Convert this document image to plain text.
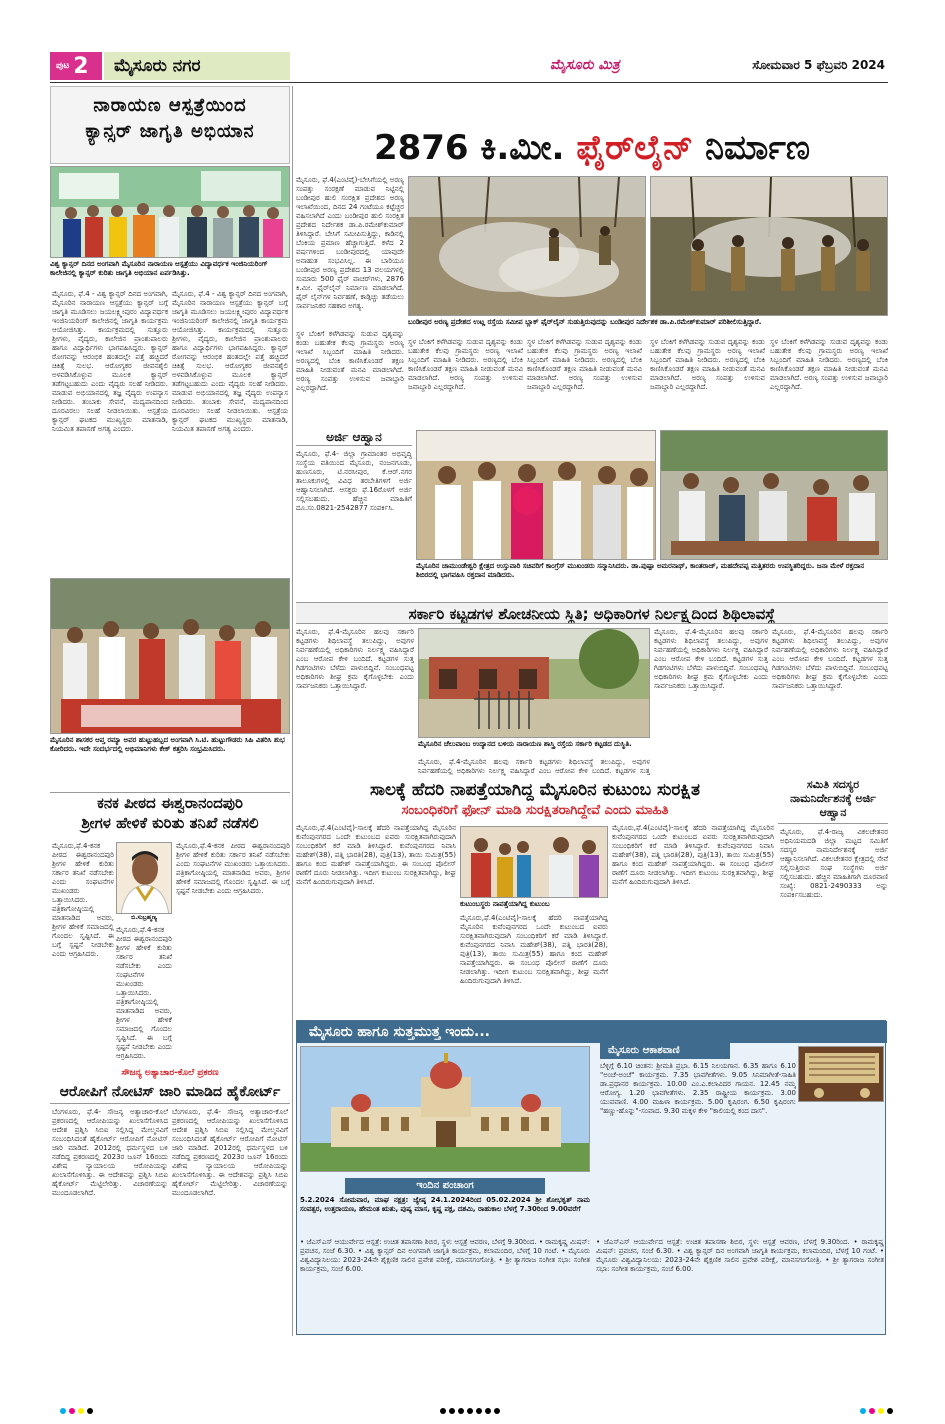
ಪುಟ 2	ಮೈಸೂರು ನಗರ	ಮೈಸೂರು ಮಿತ್ರ	ಸೋಮವಾರ 5 ಫೆಬ್ರವರಿ 2024
ನಾರಾಯಣ ಆಸ್ಪತ್ರೆಯಿಂದ
ಕ್ಯಾನ್ಸರ್ ಜಾಗೃತಿ ಅಭಿಯಾನ
ವಿಶ್ವ ಕ್ಯಾನ್ಸರ್ ದಿನದ ಅಂಗವಾಗಿ ಮೈಸೂರಿನ ನಾರಾಯಣ ಆಸ್ಪತ್ರೆಯು ವಿದ್ಯಾವರ್ಧಕ ಇಂಜಿನಿಯರಿಂಗ್ ಕಾಲೇಜಿನಲ್ಲಿ ಕ್ಯಾನ್ಸರ್ ಕುರಿತು ಜಾಗೃತಿ ಅಭಿಯಾನ ಏರ್ಪಡಿಸಿತ್ತು.
ಮೈಸೂರು, ಫೆ.4 - ವಿಶ್ವ ಕ್ಯಾನ್ಸರ್ ದಿನದ ಅಂಗವಾಗಿ, ಮೈಸೂರಿನ ನಾರಾಯಣ ಆಸ್ಪತ್ರೆಯು ಕ್ಯಾನ್ಸರ್ ಬಗ್ಗೆ ಜಾಗೃತಿ ಮೂಡಿಸಲು ಜಯಲಕ್ಷ್ಮೀಪುರಂ ವಿದ್ಯಾವರ್ಧಕ ಇಂಜಿನಿಯರಿಂಗ್ ಕಾಲೇಜಿನಲ್ಲಿ ಜಾಗೃತಿ ಕಾರ್ಯಕ್ರಮ ಆಯೋಜಿಸಿತ್ತು. ಕಾರ್ಯಕ್ರಮದಲ್ಲಿ ಸುತ್ತೂರು ಶ್ರೀಗಳು, ವೈದ್ಯರು, ಕಾಲೇಜಿನ ಪ್ರಾಂಶುಪಾಲರು ಹಾಗೂ ವಿದ್ಯಾರ್ಥಿಗಳು ಭಾಗವಹಿಸಿದ್ದರು. ಕ್ಯಾನ್ಸರ್ ರೋಗವನ್ನು ಆರಂಭಿಕ ಹಂತದಲ್ಲೇ ಪತ್ತೆ ಹಚ್ಚಿದರೆ ಚಿಕಿತ್ಸೆ ಸುಲಭ. ಆರೋಗ್ಯಕರ ಜೀವನಶೈಲಿ ಅಳವಡಿಸಿಕೊಳ್ಳುವ ಮೂಲಕ ಕ್ಯಾನ್ಸರ್ ತಡೆಗಟ್ಟಬಹುದು ಎಂದು ವೈದ್ಯರು ಸಲಹೆ ನೀಡಿದರು. ಮಾಡುವ ಅಭಿಯಾನದಲ್ಲಿ ತಜ್ಞ ವೈದ್ಯರು ಉಪನ್ಯಾಸ ನೀಡಿದರು. ತಂಬಾಕು ಸೇವನೆ, ಮದ್ಯಪಾನದಿಂದ ದೂರವಿರಲು ಸಲಹೆ ನೀಡಲಾಯಿತು. ಆಸ್ಪತ್ರೆಯ ಕ್ಯಾನ್ಸರ್ ಘಟಕದ ಮುಖ್ಯಸ್ಥರು ಮಾತನಾಡಿ, ನಿಯಮಿತ ತಪಾಸಣೆ ಅಗತ್ಯ ಎಂದರು.
ಮೈಸೂರು, ಫೆ.4 - ವಿಶ್ವ ಕ್ಯಾನ್ಸರ್ ದಿನದ ಅಂಗವಾಗಿ, ಮೈಸೂರಿನ ನಾರಾಯಣ ಆಸ್ಪತ್ರೆಯು ಕ್ಯಾನ್ಸರ್ ಬಗ್ಗೆ ಜಾಗೃತಿ ಮೂಡಿಸಲು ಜಯಲಕ್ಷ್ಮೀಪುರಂ ವಿದ್ಯಾವರ್ಧಕ ಇಂಜಿನಿಯರಿಂಗ್ ಕಾಲೇಜಿನಲ್ಲಿ ಜಾಗೃತಿ ಕಾರ್ಯಕ್ರಮ ಆಯೋಜಿಸಿತ್ತು. ಕಾರ್ಯಕ್ರಮದಲ್ಲಿ ಸುತ್ತೂರು ಶ್ರೀಗಳು, ವೈದ್ಯರು, ಕಾಲೇಜಿನ ಪ್ರಾಂಶುಪಾಲರು ಹಾಗೂ ವಿದ್ಯಾರ್ಥಿಗಳು ಭಾಗವಹಿಸಿದ್ದರು. ಕ್ಯಾನ್ಸರ್ ರೋಗವನ್ನು ಆರಂಭಿಕ ಹಂತದಲ್ಲೇ ಪತ್ತೆ ಹಚ್ಚಿದರೆ ಚಿಕಿತ್ಸೆ ಸುಲಭ. ಆರೋಗ್ಯಕರ ಜೀವನಶೈಲಿ ಅಳವಡಿಸಿಕೊಳ್ಳುವ ಮೂಲಕ ಕ್ಯಾನ್ಸರ್ ತಡೆಗಟ್ಟಬಹುದು ಎಂದು ವೈದ್ಯರು ಸಲಹೆ ನೀಡಿದರು. ಮಾಡುವ ಅಭಿಯಾನದಲ್ಲಿ ತಜ್ಞ ವೈದ್ಯರು ಉಪನ್ಯಾಸ ನೀಡಿದರು. ತಂಬಾಕು ಸೇವನೆ, ಮದ್ಯಪಾನದಿಂದ ದೂರವಿರಲು ಸಲಹೆ ನೀಡಲಾಯಿತು. ಆಸ್ಪತ್ರೆಯ ಕ್ಯಾನ್ಸರ್ ಘಟಕದ ಮುಖ್ಯಸ್ಥರು ಮಾತನಾಡಿ, ನಿಯಮಿತ ತಪಾಸಣೆ ಅಗತ್ಯ ಎಂದರು.
2876 ಕಿ.ಮೀ. ಫೈರ್‌ಲೈನ್ ನಿರ್ಮಾಣ
ಮೈಸೂರು, ಫೆ.4(ಎಂಟಿವೈ)-ಬೇಸಿಗೆಯಲ್ಲಿ ಅರಣ್ಯ ಸಂಪತ್ತು ಸಂರಕ್ಷಣೆ ಮಾಡುವ ನಿಟ್ಟಿನಲ್ಲಿ ಬಂಡೀಪುರ ಹುಲಿ ಸಂರಕ್ಷಿತ ಪ್ರದೇಶದ ಅರಣ್ಯ ಇಲಾಖೆಯಿಂದ, ದಿನದ 24 ಗಂಟೆಯೂ ಕಟ್ಟೆಚ್ಚರ ವಹಿಸಲಾಗಿದೆ ಎಂದು ಬಂಡೀಪುರ ಹುಲಿ ಸಂರಕ್ಷಿತ ಪ್ರದೇಶದ ನಿರ್ದೇಶಕ ಡಾ.ಪಿ.ರಮೇಶ್‌ಕುಮಾರ್ ತಿಳಿಸಿದ್ದಾರೆ. ಬೇಸಿಗೆ ಸಮೀಪಿಸುತ್ತಿದ್ದು, ಕಾಡಿನಲ್ಲಿ ಬೆಂಕಿಯ ಪ್ರಮಾಣ ಹೆಚ್ಚಾಗುತ್ತಿದೆ. ಕಳೆದ 2 ವರ್ಷಗಳಿಂದ ಬಂಡೀಪುರದಲ್ಲಿ ಯಾವುದೇ ಅನಾಹುತ ಸಂಭವಿಸಿಲ್ಲ. ಈ ಬಾರಿಯೂ ಬಂಡೀಪುರ ಅರಣ್ಯ ಪ್ರದೇಶದ 13 ವಲಯಗಳಲ್ಲಿ ಸುಮಾರು 500 ಫೈರ್ ವಾಚರ್‌ಗಳು, 2876 ಕಿ.ಮೀ. ಫೈರ್‌ಲೈನ್ ನಿರ್ಮಾಣ ಮಾಡಲಾಗಿದೆ. ಫೈರ್ ಲೈನ್‌ಗಳ ನಿರ್ವಹಣೆ, ಕಾಡ್ಗಿಚ್ಚು ತಡೆಯಲು ಸಾರ್ವಜನಿಕರ ಸಹಕಾರ ಅಗತ್ಯ.
ಬಂಡೀಪುರ ಅರಣ್ಯ ಪ್ರದೇಶದ ಉಟ್ಲ ರಸ್ತೆಯ ಸಮೀಪ ಬ್ಲಾಕ್ ಫೈರ್‌ಲೈನ್ ಸುಡುತ್ತಿರುವುದನ್ನು ಬಂಡೀಪುರ ನಿರ್ದೇಶಕ ಡಾ.ಪಿ.ರಮೇಶ್‌ಕುಮಾರ್ ಪರಿಶೀಲಿಸುತ್ತಿದ್ದಾರೆ.
ಸ್ಥಳ ಬೆಂಕಿಗೆ ಕಳೆಗಿಡವನ್ನು ಸುಡುವ ದೃಶ್ಯವನ್ನು ಕಂಡು ಬಹುತೇಕ ಕೆಲವು ಗ್ರಾಮಸ್ಥರು ಅರಣ್ಯ ಇಲಾಖೆ ಸಿಬ್ಬಂದಿಗೆ ಮಾಹಿತಿ ನೀಡಿದರು. ಅರಣ್ಯದಲ್ಲಿ ಬೆಂಕಿ ಕಾಣಿಸಿಕೊಂಡರೆ ತಕ್ಷಣ ಮಾಹಿತಿ ನೀಡುವಂತೆ ಮನವಿ ಮಾಡಲಾಗಿದೆ. ಅರಣ್ಯ ಸಂಪತ್ತು ಉಳಿಸುವ ಜವಾಬ್ದಾರಿ ಎಲ್ಲರದ್ದಾಗಿದೆ.
ಸ್ಥಳ ಬೆಂಕಿಗೆ ಕಳೆಗಿಡವನ್ನು ಸುಡುವ ದೃಶ್ಯವನ್ನು ಕಂಡು ಬಹುತೇಕ ಕೆಲವು ಗ್ರಾಮಸ್ಥರು ಅರಣ್ಯ ಇಲಾಖೆ ಸಿಬ್ಬಂದಿಗೆ ಮಾಹಿತಿ ನೀಡಿದರು. ಅರಣ್ಯದಲ್ಲಿ ಬೆಂಕಿ ಕಾಣಿಸಿಕೊಂಡರೆ ತಕ್ಷಣ ಮಾಹಿತಿ ನೀಡುವಂತೆ ಮನವಿ ಮಾಡಲಾಗಿದೆ. ಅರಣ್ಯ ಸಂಪತ್ತು ಉಳಿಸುವ ಜವಾಬ್ದಾರಿ ಎಲ್ಲರದ್ದಾಗಿದೆ.
ಸ್ಥಳ ಬೆಂಕಿಗೆ ಕಳೆಗಿಡವನ್ನು ಸುಡುವ ದೃಶ್ಯವನ್ನು ಕಂಡು ಬಹುತೇಕ ಕೆಲವು ಗ್ರಾಮಸ್ಥರು ಅರಣ್ಯ ಇಲಾಖೆ ಸಿಬ್ಬಂದಿಗೆ ಮಾಹಿತಿ ನೀಡಿದರು. ಅರಣ್ಯದಲ್ಲಿ ಬೆಂಕಿ ಕಾಣಿಸಿಕೊಂಡರೆ ತಕ್ಷಣ ಮಾಹಿತಿ ನೀಡುವಂತೆ ಮನವಿ ಮಾಡಲಾಗಿದೆ. ಅರಣ್ಯ ಸಂಪತ್ತು ಉಳಿಸುವ ಜವಾಬ್ದಾರಿ ಎಲ್ಲರದ್ದಾಗಿದೆ.
ಸ್ಥಳ ಬೆಂಕಿಗೆ ಕಳೆಗಿಡವನ್ನು ಸುಡುವ ದೃಶ್ಯವನ್ನು ಕಂಡು ಬಹುತೇಕ ಕೆಲವು ಗ್ರಾಮಸ್ಥರು ಅರಣ್ಯ ಇಲಾಖೆ ಸಿಬ್ಬಂದಿಗೆ ಮಾಹಿತಿ ನೀಡಿದರು. ಅರಣ್ಯದಲ್ಲಿ ಬೆಂಕಿ ಕಾಣಿಸಿಕೊಂಡರೆ ತಕ್ಷಣ ಮಾಹಿತಿ ನೀಡುವಂತೆ ಮನವಿ ಮಾಡಲಾಗಿದೆ. ಅರಣ್ಯ ಸಂಪತ್ತು ಉಳಿಸುವ ಜವಾಬ್ದಾರಿ ಎಲ್ಲರದ್ದಾಗಿದೆ.
ಸ್ಥಳ ಬೆಂಕಿಗೆ ಕಳೆಗಿಡವನ್ನು ಸುಡುವ ದೃಶ್ಯವನ್ನು ಕಂಡು ಬಹುತೇಕ ಕೆಲವು ಗ್ರಾಮಸ್ಥರು ಅರಣ್ಯ ಇಲಾಖೆ ಸಿಬ್ಬಂದಿಗೆ ಮಾಹಿತಿ ನೀಡಿದರು. ಅರಣ್ಯದಲ್ಲಿ ಬೆಂಕಿ ಕಾಣಿಸಿಕೊಂಡರೆ ತಕ್ಷಣ ಮಾಹಿತಿ ನೀಡುವಂತೆ ಮನವಿ ಮಾಡಲಾಗಿದೆ. ಅರಣ್ಯ ಸಂಪತ್ತು ಉಳಿಸುವ ಜವಾಬ್ದಾರಿ ಎಲ್ಲರದ್ದಾಗಿದೆ.
ಅರ್ಜಿ ಆಹ್ವಾನ
ಮೈಸೂರು, ಫೆ.4- ಜಿಲ್ಲಾ ಗ್ರಾಮಾಂತರ ಅಭಿವೃದ್ಧಿ ಸಂಸ್ಥೆಯ ವತಿಯಿಂದ ಮೈಸೂರು, ನಂಜನಗೂಡು, ಹುಣಸೂರು, ಟಿ.ನರಸೀಪುರ, ಕೆ.ಆರ್.ನಗರ ತಾಲೂಕುಗಳಲ್ಲಿ ವಿವಿಧ ತರಬೇತಿಗಳಿಗೆ ಅರ್ಜಿ ಆಹ್ವಾನಿಸಲಾಗಿದೆ. ಆಸಕ್ತರು ಫೆ.16ರೊಳಗೆ ಅರ್ಜಿ ಸಲ್ಲಿಸಬಹುದು. ಹೆಚ್ಚಿನ ಮಾಹಿತಿಗೆ ದೂ.ಸಂ.0821-2542877 ಸಂಪರ್ಕಿಸಿ.
ಮೈಸೂರಿನ ಚಾಮುಂಡೇಶ್ವರಿ ಕ್ಷೇತ್ರದ ಉಸ್ತುವಾರಿ ಸಚಿವರಿಗೆ ಕಾಂಗ್ರೆಸ್ ಮುಖಂಡರು ಸನ್ಮಾನಿಸಿದರು. ಡಾ.ಪುಷ್ಪಾ ಅಮರನಾಥ್, ಕಾಂತರಾಜ್, ಮಹದೇವಪ್ಪ ಮತ್ತಿತರರು ಉಪಸ್ಥಿತರಿದ್ದರು. ಜನಾ ಮೇಳೆ ರಕ್ತದಾನ ಶಿಬಿರದಲ್ಲಿ ಭಾಗವಹಿಸಿ ರಕ್ತದಾನ ಮಾಡಿದರು.
ಮೈಸೂರಿನ ಶಾಸಕರ ಆಪ್ತ ರಮ್ಯಾ ಅವರ ಹುಟ್ಟುಹಬ್ಬದ ಅಂಗವಾಗಿ ಸಿ.ಟಿ. ಹುಟ್ಟುಗೌಡರು ಸಿಹಿ ವಿತರಿಸಿ ಶುಭ ಕೋರಿದರು. ಇದೇ ಸಂದರ್ಭದಲ್ಲಿ ಅಭಿಮಾನಿಗಳು ಕೇಕ್ ಕತ್ತರಿಸಿ ಸಂಭ್ರಮಿಸಿದರು.
ಸರ್ಕಾರಿ ಕಟ್ಟಡಗಳ ಶೋಚನೀಯ ಸ್ಥಿತಿ; ಅಧಿಕಾರಿಗಳ ನಿರ್ಲಕ್ಷ್ಯದಿಂದ ಶಿಥಿಲಾವಸ್ಥೆ
ಮೈಸೂರು, ಫೆ.4-ಮೈಸೂರಿನ ಹಲವು ಸರ್ಕಾರಿ ಕಟ್ಟಡಗಳು ಶಿಥಿಲಾವಸ್ಥೆ ತಲುಪಿದ್ದು, ಅವುಗಳ ನಿರ್ವಹಣೆಯಲ್ಲಿ ಅಧಿಕಾರಿಗಳು ನಿರ್ಲಕ್ಷ್ಯ ವಹಿಸಿದ್ದಾರೆ ಎಂಬ ಆರೋಪ ಕೇಳಿ ಬಂದಿದೆ. ಕಟ್ಟಡಗಳ ಸುತ್ತ ಗಿಡಗಂಟಿಗಳು ಬೆಳೆದು ಪಾಳುಬಿದ್ದಿವೆ. ಸಂಬಂಧಪಟ್ಟ ಅಧಿಕಾರಿಗಳು ಶೀಘ್ರ ಕ್ರಮ ಕೈಗೊಳ್ಳಬೇಕು ಎಂದು ಸಾರ್ವಜನಿಕರು ಒತ್ತಾಯಿಸಿದ್ದಾರೆ.
ಮೈಸೂರಿನ ಚೆಲುವಾಂಬ ಉದ್ಯಾನದ ಬಳಿಯ ನಾರಾಯಣ ಶಾಸ್ತ್ರಿ ರಸ್ತೆಯ ಸರ್ಕಾರಿ ಕಟ್ಟಡದ ದುಸ್ಥಿತಿ.
ಮೈಸೂರು, ಫೆ.4-ಮೈಸೂರಿನ ಹಲವು ಸರ್ಕಾರಿ ಕಟ್ಟಡಗಳು ಶಿಥಿಲಾವಸ್ಥೆ ತಲುಪಿದ್ದು, ಅವುಗಳ ನಿರ್ವಹಣೆಯಲ್ಲಿ ಅಧಿಕಾರಿಗಳು ನಿರ್ಲಕ್ಷ್ಯ ವಹಿಸಿದ್ದಾರೆ ಎಂಬ ಆರೋಪ ಕೇಳಿ ಬಂದಿದೆ. ಕಟ್ಟಡಗಳ ಸುತ್ತ
ಮೈಸೂರು, ಫೆ.4-ಮೈಸೂರಿನ ಹಲವು ಸರ್ಕಾರಿ ಕಟ್ಟಡಗಳು ಶಿಥಿಲಾವಸ್ಥೆ ತಲುಪಿದ್ದು, ಅವುಗಳ ನಿರ್ವಹಣೆಯಲ್ಲಿ ಅಧಿಕಾರಿಗಳು ನಿರ್ಲಕ್ಷ್ಯ ವಹಿಸಿದ್ದಾರೆ ಎಂಬ ಆರೋಪ ಕೇಳಿ ಬಂದಿದೆ. ಕಟ್ಟಡಗಳ ಸುತ್ತ ಗಿಡಗಂಟಿಗಳು ಬೆಳೆದು ಪಾಳುಬಿದ್ದಿವೆ. ಸಂಬಂಧಪಟ್ಟ ಅಧಿಕಾರಿಗಳು ಶೀಘ್ರ ಕ್ರಮ ಕೈಗೊಳ್ಳಬೇಕು ಎಂದು ಸಾರ್ವಜನಿಕರು ಒತ್ತಾಯಿಸಿದ್ದಾರೆ.
ಮೈಸೂರು, ಫೆ.4-ಮೈಸೂರಿನ ಹಲವು ಸರ್ಕಾರಿ ಕಟ್ಟಡಗಳು ಶಿಥಿಲಾವಸ್ಥೆ ತಲುಪಿದ್ದು, ಅವುಗಳ ನಿರ್ವಹಣೆಯಲ್ಲಿ ಅಧಿಕಾರಿಗಳು ನಿರ್ಲಕ್ಷ್ಯ ವಹಿಸಿದ್ದಾರೆ ಎಂಬ ಆರೋಪ ಕೇಳಿ ಬಂದಿದೆ. ಕಟ್ಟಡಗಳ ಸುತ್ತ ಗಿಡಗಂಟಿಗಳು ಬೆಳೆದು ಪಾಳುಬಿದ್ದಿವೆ. ಸಂಬಂಧಪಟ್ಟ ಅಧಿಕಾರಿಗಳು ಶೀಘ್ರ ಕ್ರಮ ಕೈಗೊಳ್ಳಬೇಕು ಎಂದು ಸಾರ್ವಜನಿಕರು ಒತ್ತಾಯಿಸಿದ್ದಾರೆ.
ಸಾಲಕ್ಕೆ ಹೆದರಿ ನಾಪತ್ತೆಯಾಗಿದ್ದ ಮೈಸೂರಿನ ಕುಟುಂಬ ಸುರಕ್ಷಿತ
ಸಂಬಂಧಿಕರಿಗೆ ಫೋನ್ ಮಾಡಿ ಸುರಕ್ಷಿತರಾಗಿದ್ದೇವೆ ಎಂದು ಮಾಹಿತಿ
ಮೈಸೂರು,ಫೆ.4(ಎಂಟಿವೈ)-ಸಾಲಕ್ಕೆ ಹೆದರಿ ನಾಪತ್ತೆಯಾಗಿದ್ದ ಮೈಸೂರಿನ ಕುವೆಂಪುನಗರದ ಒಂದೇ ಕುಟುಂಬದ ಐವರು ಸುರಕ್ಷಿತವಾಗಿರುವುದಾಗಿ ಸಂಬಂಧಿಕರಿಗೆ ಕರೆ ಮಾಡಿ ತಿಳಿಸಿದ್ದಾರೆ. ಕುವೆಂಪುನಗರದ ನಿವಾಸಿ ಮಹೇಶ್(38), ಪತ್ನಿ ಭಾರತಿ(28), ಪುತ್ರಿ(13), ತಾಯಿ ಸುಮಿತ್ರ(55) ಹಾಗೂ ಕಂದ ಮಹೇಶ್ ನಾಪತ್ತೆಯಾಗಿದ್ದರು. ಈ ಸಂಬಂಧ ಪೊಲೀಸ್ ಠಾಣೆಗೆ ದೂರು ನೀಡಲಾಗಿತ್ತು. ಇದೀಗ ಕುಟುಂಬ ಸುರಕ್ಷಿತವಾಗಿದ್ದು, ಶೀಘ್ರ ಮನೆಗೆ ಹಿಂದಿರುಗುವುದಾಗಿ ತಿಳಿಸಿದೆ.
ಕುಟುಂಬಸ್ಥರು ನಾಪತ್ತೆಯಾಗಿದ್ದ ಕುಟುಂಬ
ಮೈಸೂರು,ಫೆ.4(ಎಂಟಿವೈ)-ಸಾಲಕ್ಕೆ ಹೆದರಿ ನಾಪತ್ತೆಯಾಗಿದ್ದ ಮೈಸೂರಿನ ಕುವೆಂಪುನಗರದ ಒಂದೇ ಕುಟುಂಬದ ಐವರು ಸುರಕ್ಷಿತವಾಗಿರುವುದಾಗಿ ಸಂಬಂಧಿಕರಿಗೆ ಕರೆ ಮಾಡಿ ತಿಳಿಸಿದ್ದಾರೆ. ಕುವೆಂಪುನಗರದ ನಿವಾಸಿ ಮಹೇಶ್(38), ಪತ್ನಿ ಭಾರತಿ(28), ಪುತ್ರಿ(13), ತಾಯಿ ಸುಮಿತ್ರ(55) ಹಾಗೂ ಕಂದ ಮಹೇಶ್ ನಾಪತ್ತೆಯಾಗಿದ್ದರು. ಈ ಸಂಬಂಧ ಪೊಲೀಸ್ ಠಾಣೆಗೆ ದೂರು ನೀಡಲಾಗಿತ್ತು. ಇದೀಗ ಕುಟುಂಬ ಸುರಕ್ಷಿತವಾಗಿದ್ದು, ಶೀಘ್ರ ಮನೆಗೆ ಹಿಂದಿರುಗುವುದಾಗಿ ತಿಳಿಸಿದೆ.
ಮೈಸೂರು,ಫೆ.4(ಎಂಟಿವೈ)-ಸಾಲಕ್ಕೆ ಹೆದರಿ ನಾಪತ್ತೆಯಾಗಿದ್ದ ಮೈಸೂರಿನ ಕುವೆಂಪುನಗರದ ಒಂದೇ ಕುಟುಂಬದ ಐವರು ಸುರಕ್ಷಿತವಾಗಿರುವುದಾಗಿ ಸಂಬಂಧಿಕರಿಗೆ ಕರೆ ಮಾಡಿ ತಿಳಿಸಿದ್ದಾರೆ. ಕುವೆಂಪುನಗರದ ನಿವಾಸಿ ಮಹೇಶ್(38), ಪತ್ನಿ ಭಾರತಿ(28), ಪುತ್ರಿ(13), ತಾಯಿ ಸುಮಿತ್ರ(55) ಹಾಗೂ ಕಂದ ಮಹೇಶ್ ನಾಪತ್ತೆಯಾಗಿದ್ದರು. ಈ ಸಂಬಂಧ ಪೊಲೀಸ್ ಠಾಣೆಗೆ ದೂರು ನೀಡಲಾಗಿತ್ತು. ಇದೀಗ ಕುಟುಂಬ ಸುರಕ್ಷಿತವಾಗಿದ್ದು, ಶೀಘ್ರ ಮನೆಗೆ ಹಿಂದಿರುಗುವುದಾಗಿ ತಿಳಿಸಿದೆ.
ಸಮಿತಿ ಸದಸ್ಯರ ನಾಮನಿರ್ದೇಶನಕ್ಕೆ ಅರ್ಜಿ ಆಹ್ವಾನ
ಮೈಸೂರು, ಫೆ.4-ರಾಜ್ಯ ವಿಕಲಚೇತನರ ಅಧಿನಿಯಮದಡಿ ಜಿಲ್ಲಾ ಮಟ್ಟದ ಸಮಿತಿಗೆ ಸದಸ್ಯರ ನಾಮನಿರ್ದೇಶನಕ್ಕೆ ಅರ್ಜಿ ಆಹ್ವಾನಿಸಲಾಗಿದೆ. ವಿಕಲಚೇತನರ ಕ್ಷೇತ್ರದಲ್ಲಿ ಸೇವೆ ಸಲ್ಲಿಸುತ್ತಿರುವ ಸಂಘ ಸಂಸ್ಥೆಗಳು ಅರ್ಜಿ ಸಲ್ಲಿಸಬಹುದು. ಹೆಚ್ಚಿನ ಮಾಹಿತಿಗಾಗಿ ದೂರವಾಣಿ ಸಂಖ್ಯೆ: 0821-2490333 ಅನ್ನು ಸಂಪರ್ಕಿಸಬಹುದು.
ಕನಕ ಪೀಠದ ಈಶ್ವರಾನಂದಪುರಿ
ಶ್ರೀಗಳ ಹೇಳಿಕೆ ಕುರಿತು ತನಿಖೆ ನಡೆಸಲಿ
ಮೈಸೂರು,ಫೆ.4-ಕನಕ ಪೀಠದ ಈಶ್ವರಾನಂದಪುರಿ ಶ್ರೀಗಳ ಹೇಳಿಕೆ ಕುರಿತು ಸರ್ಕಾರ ತನಿಖೆ ನಡೆಸಬೇಕು ಎಂದು ಸಂಘಟನೆಗಳ ಮುಖಂಡರು ಒತ್ತಾಯಿಸಿದರು. ಪತ್ರಿಕಾಗೋಷ್ಠಿಯಲ್ಲಿ ಮಾತನಾಡಿದ ಅವರು, ಶ್ರೀಗಳ ಹೇಳಿಕೆ ಸಮಾಜದಲ್ಲಿ ಗೊಂದಲ ಸೃಷ್ಟಿಸಿದೆ. ಈ ಬಗ್ಗೆ ಸ್ಪಷ್ಟನೆ ನೀಡಬೇಕು ಎಂದು ಆಗ್ರಹಿಸಿದರು.
ಬಿ.ಸುಬ್ರಹ್ಮಣ್ಯ
ಮೈಸೂರು,ಫೆ.4-ಕನಕ ಪೀಠದ ಈಶ್ವರಾನಂದಪುರಿ ಶ್ರೀಗಳ ಹೇಳಿಕೆ ಕುರಿತು ಸರ್ಕಾರ ತನಿಖೆ ನಡೆಸಬೇಕು ಎಂದು ಸಂಘಟನೆಗಳ ಮುಖಂಡರು ಒತ್ತಾಯಿಸಿದರು. ಪತ್ರಿಕಾಗೋಷ್ಠಿಯಲ್ಲಿ ಮಾತನಾಡಿದ ಅವರು, ಶ್ರೀಗಳ ಹೇಳಿಕೆ ಸಮಾಜದಲ್ಲಿ ಗೊಂದಲ ಸೃಷ್ಟಿಸಿದೆ. ಈ ಬಗ್ಗೆ ಸ್ಪಷ್ಟನೆ ನೀಡಬೇಕು ಎಂದು ಆಗ್ರಹಿಸಿದರು.
ಮೈಸೂರು,ಫೆ.4-ಕನಕ ಪೀಠದ ಈಶ್ವರಾನಂದಪುರಿ ಶ್ರೀಗಳ ಹೇಳಿಕೆ ಕುರಿತು ಸರ್ಕಾರ ತನಿಖೆ ನಡೆಸಬೇಕು ಎಂದು ಸಂಘಟನೆಗಳ ಮುಖಂಡರು ಒತ್ತಾಯಿಸಿದರು. ಪತ್ರಿಕಾಗೋಷ್ಠಿಯಲ್ಲಿ ಮಾತನಾಡಿದ ಅವರು, ಶ್ರೀಗಳ ಹೇಳಿಕೆ ಸಮಾಜದಲ್ಲಿ ಗೊಂದಲ ಸೃಷ್ಟಿಸಿದೆ. ಈ ಬಗ್ಗೆ ಸ್ಪಷ್ಟನೆ ನೀಡಬೇಕು ಎಂದು ಆಗ್ರಹಿಸಿದರು.
ಸೌಜನ್ಯ ಅತ್ಯಾಚಾರ-ಕೊಲೆ ಪ್ರಕರಣ
ಆರೋಪಿಗೆ ನೋಟಿಸ್ ಜಾರಿ ಮಾಡಿದ ಹೈಕೋರ್ಟ್
ಬೆಂಗಳೂರು, ಫೆ.4- ಸೌಜನ್ಯ ಅತ್ಯಾಚಾರ-ಕೊಲೆ ಪ್ರಕರಣದಲ್ಲಿ ಆರೋಪಿಯನ್ನು ಖುಲಾಸೆಗೊಳಿಸಿದ ಆದೇಶ ಪ್ರಶ್ನಿಸಿ ಸಿಬಿಐ ಸಲ್ಲಿಸಿದ್ದ ಮೇಲ್ಮನವಿಗೆ ಸಂಬಂಧಿಸಿದಂತೆ ಹೈಕೋರ್ಟ್ ಆರೋಪಿಗೆ ನೋಟಿಸ್ ಜಾರಿ ಮಾಡಿದೆ. 2012ರಲ್ಲಿ ಧರ್ಮಸ್ಥಳದ ಬಳಿ ನಡೆದಿದ್ದ ಪ್ರಕರಣದಲ್ಲಿ 2023ರ ಜೂನ್ 16ರಂದು ವಿಶೇಷ ನ್ಯಾಯಾಲಯ ಆರೋಪಿಯನ್ನು ಖುಲಾಸೆಗೊಳಿಸಿತ್ತು. ಈ ಆದೇಶವನ್ನು ಪ್ರಶ್ನಿಸಿ ಸಿಬಿಐ ಹೈಕೋರ್ಟ್ ಮೆಟ್ಟಿಲೇರಿತ್ತು. ವಿಚಾರಣೆಯನ್ನು ಮುಂದೂಡಲಾಗಿದೆ.
ಬೆಂಗಳೂರು, ಫೆ.4- ಸೌಜನ್ಯ ಅತ್ಯಾಚಾರ-ಕೊಲೆ ಪ್ರಕರಣದಲ್ಲಿ ಆರೋಪಿಯನ್ನು ಖುಲಾಸೆಗೊಳಿಸಿದ ಆದೇಶ ಪ್ರಶ್ನಿಸಿ ಸಿಬಿಐ ಸಲ್ಲಿಸಿದ್ದ ಮೇಲ್ಮನವಿಗೆ ಸಂಬಂಧಿಸಿದಂತೆ ಹೈಕೋರ್ಟ್ ಆರೋಪಿಗೆ ನೋಟಿಸ್ ಜಾರಿ ಮಾಡಿದೆ. 2012ರಲ್ಲಿ ಧರ್ಮಸ್ಥಳದ ಬಳಿ ನಡೆದಿದ್ದ ಪ್ರಕರಣದಲ್ಲಿ 2023ರ ಜೂನ್ 16ರಂದು ವಿಶೇಷ ನ್ಯಾಯಾಲಯ ಆರೋಪಿಯನ್ನು ಖುಲಾಸೆಗೊಳಿಸಿತ್ತು. ಈ ಆದೇಶವನ್ನು ಪ್ರಶ್ನಿಸಿ ಸಿಬಿಐ ಹೈಕೋರ್ಟ್ ಮೆಟ್ಟಿಲೇರಿತ್ತು. ವಿಚಾರಣೆಯನ್ನು ಮುಂದೂಡಲಾಗಿದೆ.
ಮೈಸೂರು ಹಾಗೂ ಸುತ್ತಮುತ್ತ ಇಂದು...
ಇಂದಿನ ಪಂಚಾಂಗ
5.2.2024 ಸೋಮವಾರ, ಮಾಘ ನಕ್ಷತ್ರ: ಜ್ಯೇಷ್ಠ 24.1.2024ರಿಂದ 05.02.2024 ಶ್ರೀ ಶೋಭಕೃತ್ ನಾಮ ಸಂವತ್ಸರ, ಉತ್ತರಾಯಣ, ಹೇಮಂತ ಋತು, ಪುಷ್ಯ ಮಾಸ, ಕೃಷ್ಣ ಪಕ್ಷ, ದಶಮಿ, ರಾಹುಕಾಲ ಬೆಳಗ್ಗೆ 7.30ರಿಂದ 9.00ವರೆಗೆ
ಮೈಸೂರು ಆಕಾಶವಾಣಿ
ಬೆಳ್ಳಿಗ್ಗೆ 6.10 ಚಿಂತನ: ಶ್ರೀಮತಿ ಪ್ರಭಾ. 6.15 ನಿಲಯಗಾನ. 6.35 ಹಾಗೂ 6.10 "ಅಂಚೆ-ಅಂಚೆ" ಕಾರ್ಯಕ್ರಮ. 7.35 ಭಾವಗೀತೆಗಳು. 9.05 ಸಿನಿಮಾಗೀತೆ-ಸಾಹಿತಿ ಡಾ.ಪ್ರಧಾನರ ಕಾರ್ಯಕ್ರಮ. 10.00 ಎಂ.ಎ.ಕಲಾವಿದರ ಗಾಯನ. 12.45 ನಮ್ಮ ಆರೋಗ್ಯ. 1.20 ಭಾವಗೀತೆಗಳು. 2.35 ರಾಷ್ಟ್ರೀಯ ಕಾರ್ಯಕ್ರಮ. 3.00 ಯುವವಾಣಿ. 4.00 ಮಹಿಳಾ ಕಾರ್ಯಕ್ರಮ. 5.00 ಕೃಷಿರಂಗ. 6.50 ಕೃಷಿರಂಗ: "ಹಣ್ಣು-ಹೊನ್ನು"-ಸಂವಾದ. 9.30 ಮಕ್ಕಳ ಕೇಳಿ "ಕಾಲಿಯಲ್ಲಿ ಕಂದ ದಾಸ".
• ಜೆಎಸ್‌ಎಸ್ ಆಯುರ್ವೇದ ಆಸ್ಪತ್ರೆ: ಉಚಿತ ತಪಾಸಣಾ ಶಿಬಿರ, ಸ್ಥಳ: ಆಸ್ಪತ್ರೆ ಆವರಣ, ಬೆಳಗ್ಗೆ 9.30ರಿಂದ. • ರಾಮಕೃಷ್ಣ ಮಿಷನ್: ಪ್ರವಚನ, ಸಂಜೆ 6.30. • ವಿಶ್ವ ಕ್ಯಾನ್ಸರ್ ದಿನ ಅಂಗವಾಗಿ ಜಾಗೃತಿ ಕಾರ್ಯಕ್ರಮ, ಕಲಾಮಂದಿರ, ಬೆಳಗ್ಗೆ 10 ಗಂಟೆ. • ಮೈಸೂರು ವಿಶ್ವವಿದ್ಯಾನಿಲಯ: 2023-24ನೇ ಶೈಕ್ಷಣಿಕ ಸಾಲಿನ ಪ್ರವೇಶ ಪರೀಕ್ಷೆ, ಮಾನಸಗಂಗೋತ್ರಿ. • ಶ್ರೀ ತ್ಯಾಗರಾಜ ಸಂಗೀತ ಸಭಾ: ಸಂಗೀತ ಕಾರ್ಯಕ್ರಮ, ಸಂಜೆ 6.00.
• ಜೆಎಸ್‌ಎಸ್ ಆಯುರ್ವೇದ ಆಸ್ಪತ್ರೆ: ಉಚಿತ ತಪಾಸಣಾ ಶಿಬಿರ, ಸ್ಥಳ: ಆಸ್ಪತ್ರೆ ಆವರಣ, ಬೆಳಗ್ಗೆ 9.30ರಿಂದ. • ರಾಮಕೃಷ್ಣ ಮಿಷನ್: ಪ್ರವಚನ, ಸಂಜೆ 6.30. • ವಿಶ್ವ ಕ್ಯಾನ್ಸರ್ ದಿನ ಅಂಗವಾಗಿ ಜಾಗೃತಿ ಕಾರ್ಯಕ್ರಮ, ಕಲಾಮಂದಿರ, ಬೆಳಗ್ಗೆ 10 ಗಂಟೆ. • ಮೈಸೂರು ವಿಶ್ವವಿದ್ಯಾನಿಲಯ: 2023-24ನೇ ಶೈಕ್ಷಣಿಕ ಸಾಲಿನ ಪ್ರವೇಶ ಪರೀಕ್ಷೆ, ಮಾನಸಗಂಗೋತ್ರಿ. • ಶ್ರೀ ತ್ಯಾಗರಾಜ ಸಂಗೀತ ಸಭಾ: ಸಂಗೀತ ಕಾರ್ಯಕ್ರಮ, ಸಂಜೆ 6.00.
